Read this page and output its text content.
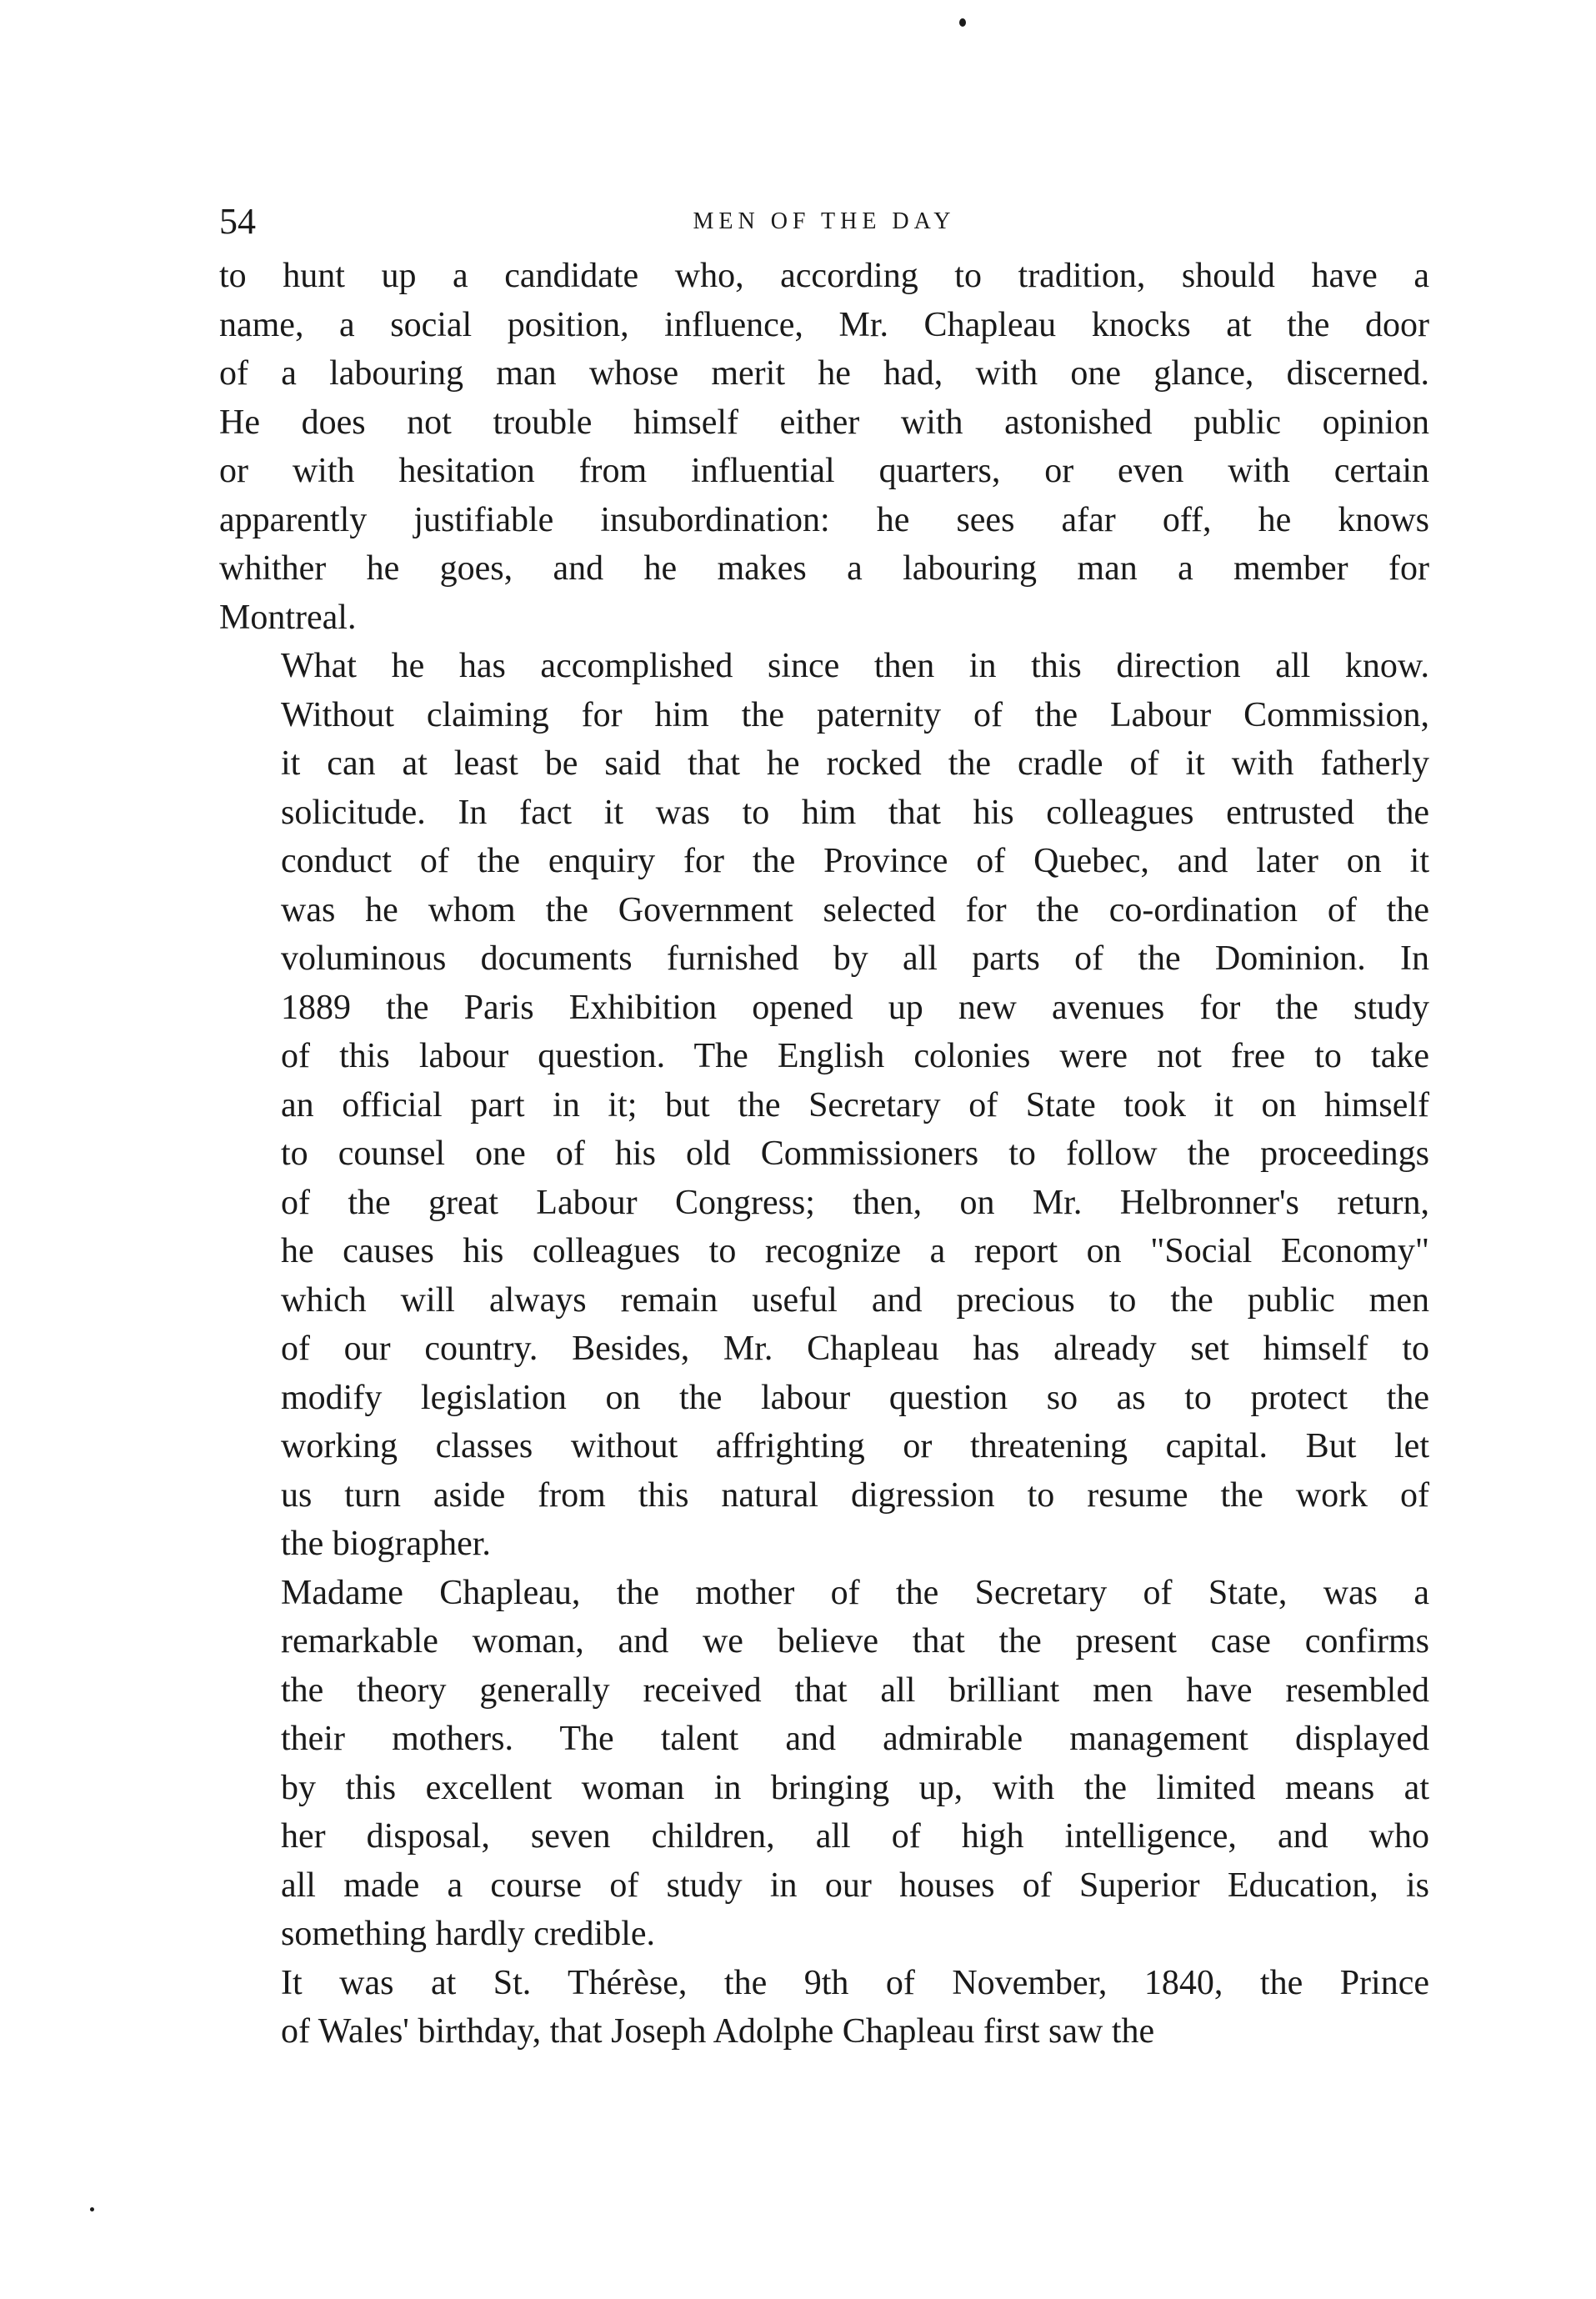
54	MEN OF THE DAY

to hunt up a candidate who, according to tradition, should have a
name, a social position, influence, Mr. Chapleau knocks at the door
of a labouring man whose merit he had, with one glance, discerned.
He does not trouble himself either with astonished public opinion
or with hesitation from influential quarters, or even with certain
apparently justifiable insubordination: he sees afar off, he knows
whither he goes, and he makes a labouring man a member for
Montreal.

What he has accomplished since then in this direction all know.
Without claiming for him the paternity of the Labour Commission,
it can at least be said that he rocked the cradle of it with fatherly
solicitude. In fact it was to him that his colleagues entrusted the
conduct of the enquiry for the Province of Quebec, and later on it
was he whom the Government selected for the co-ordination of the
voluminous documents furnished by all parts of the Dominion. In
1889 the Paris Exhibition opened up new avenues for the study
of this labour question. The English colonies were not free to take
an official part in it; but the Secretary of State took it on himself
to counsel one of his old Commissioners to follow the proceedings
of the great Labour Congress; then, on Mr. Helbronner's return,
he causes his colleagues to recognize a report on "Social Economy"
which will always remain useful and precious to the public men
of our country. Besides, Mr. Chapleau has already set himself to
modify legislation on the labour question so as to protect the
working classes without affrighting or threatening capital. But let
us turn aside from this natural digression to resume the work of
the biographer.

Madame Chapleau, the mother of the Secretary of State, was a
remarkable woman, and we believe that the present case confirms
the theory generally received that all brilliant men have resembled
their mothers. The talent and admirable management displayed
by this excellent woman in bringing up, with the limited means at
her disposal, seven children, all of high intelligence, and who
all made a course of study in our houses of Superior Education, is
something hardly credible.

It was at St. Thérèse, the 9th of November, 1840, the Prince
of Wales' birthday, that Joseph Adolphe Chapleau first saw the
